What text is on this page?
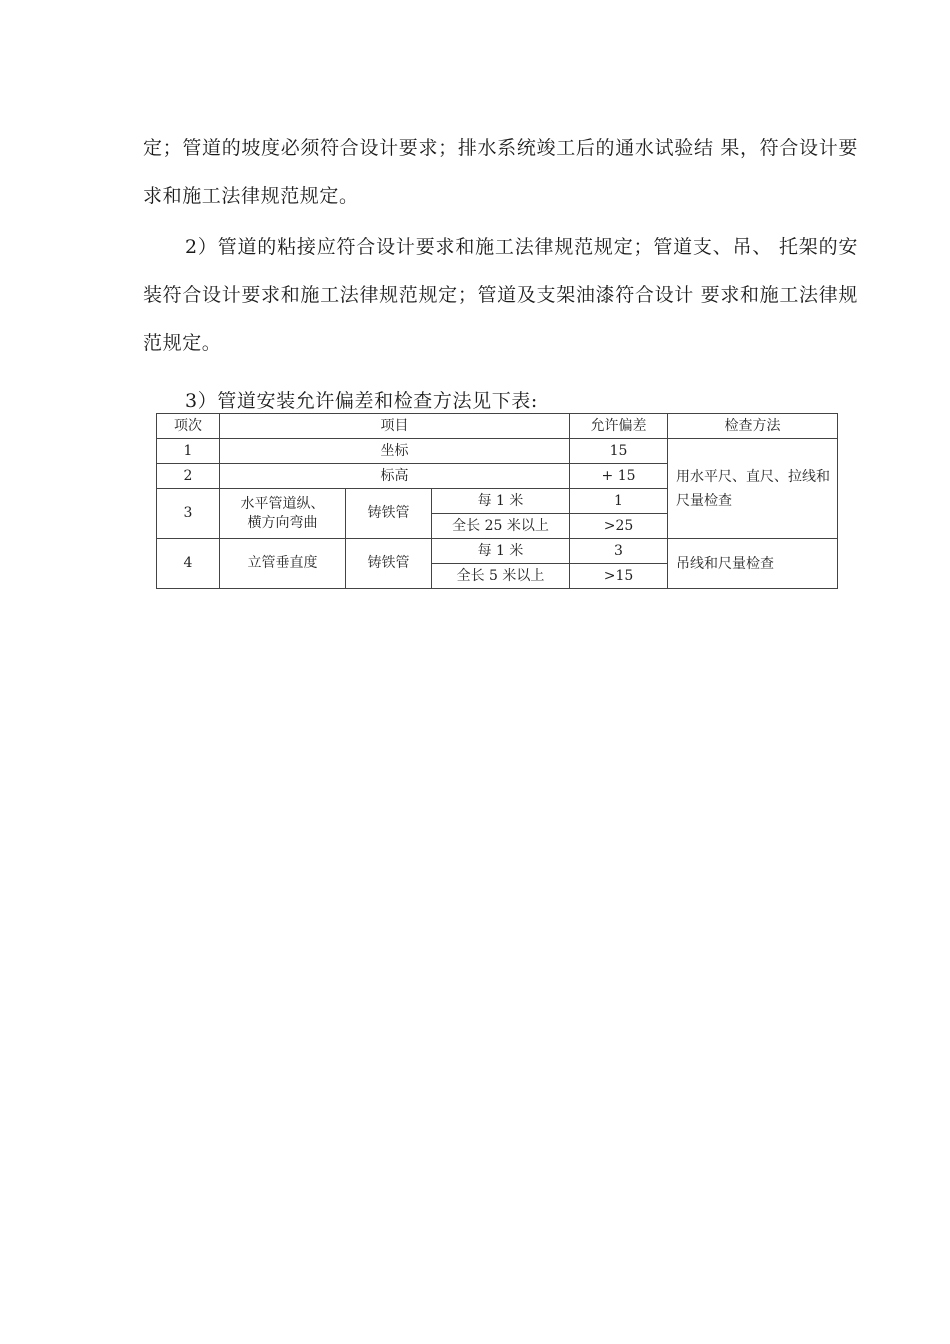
定；管道的坡度必须符合设计要求；排水系统竣工后的通水试验结 果，符合设计要求和施工法律规范规定。

2）管道的粘接应符合设计要求和施工法律规范规定；管道支、吊、 托架的安装符合设计要求和施工法律规范规定；管道及支架油漆符合设计 要求和施工法律规范规定。

3）管道安装允许偏差和检查方法见下表:

项次	项目			允许偏差	检查方法
1	坐标			15	用水平尺、直尺、拉线和尺量检查
2	标高			+ 15	
3	水平管道纵、横方向弯曲	铸铁管	每 1 米	1	
			全长 25 米以上	>25	
4	立管垂直度	铸铁管	每 1 米	3	吊线和尺量检查
			全长 5 米以上	>15	
